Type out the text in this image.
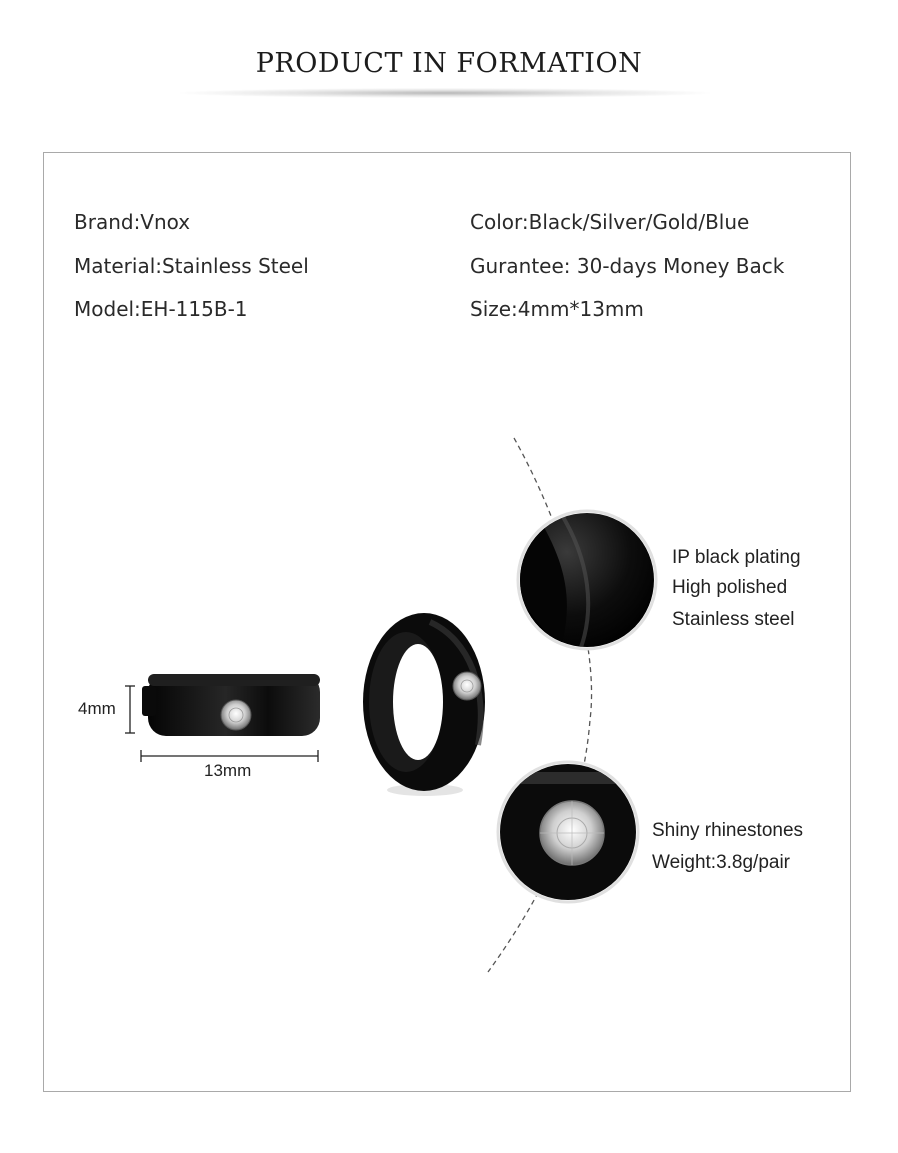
PRODUCT IN FORMATION
Brand:Vnox
Material:Stainless Steel
Model:EH-115B-1
Color:Black/Silver/Gold/Blue
Gurantee: 30-days Money Back
Size:4mm*13mm
4mm
13mm
IP black plating
High polished
Stainless steel
Shiny rhinestones
Weight:3.8g/pair
